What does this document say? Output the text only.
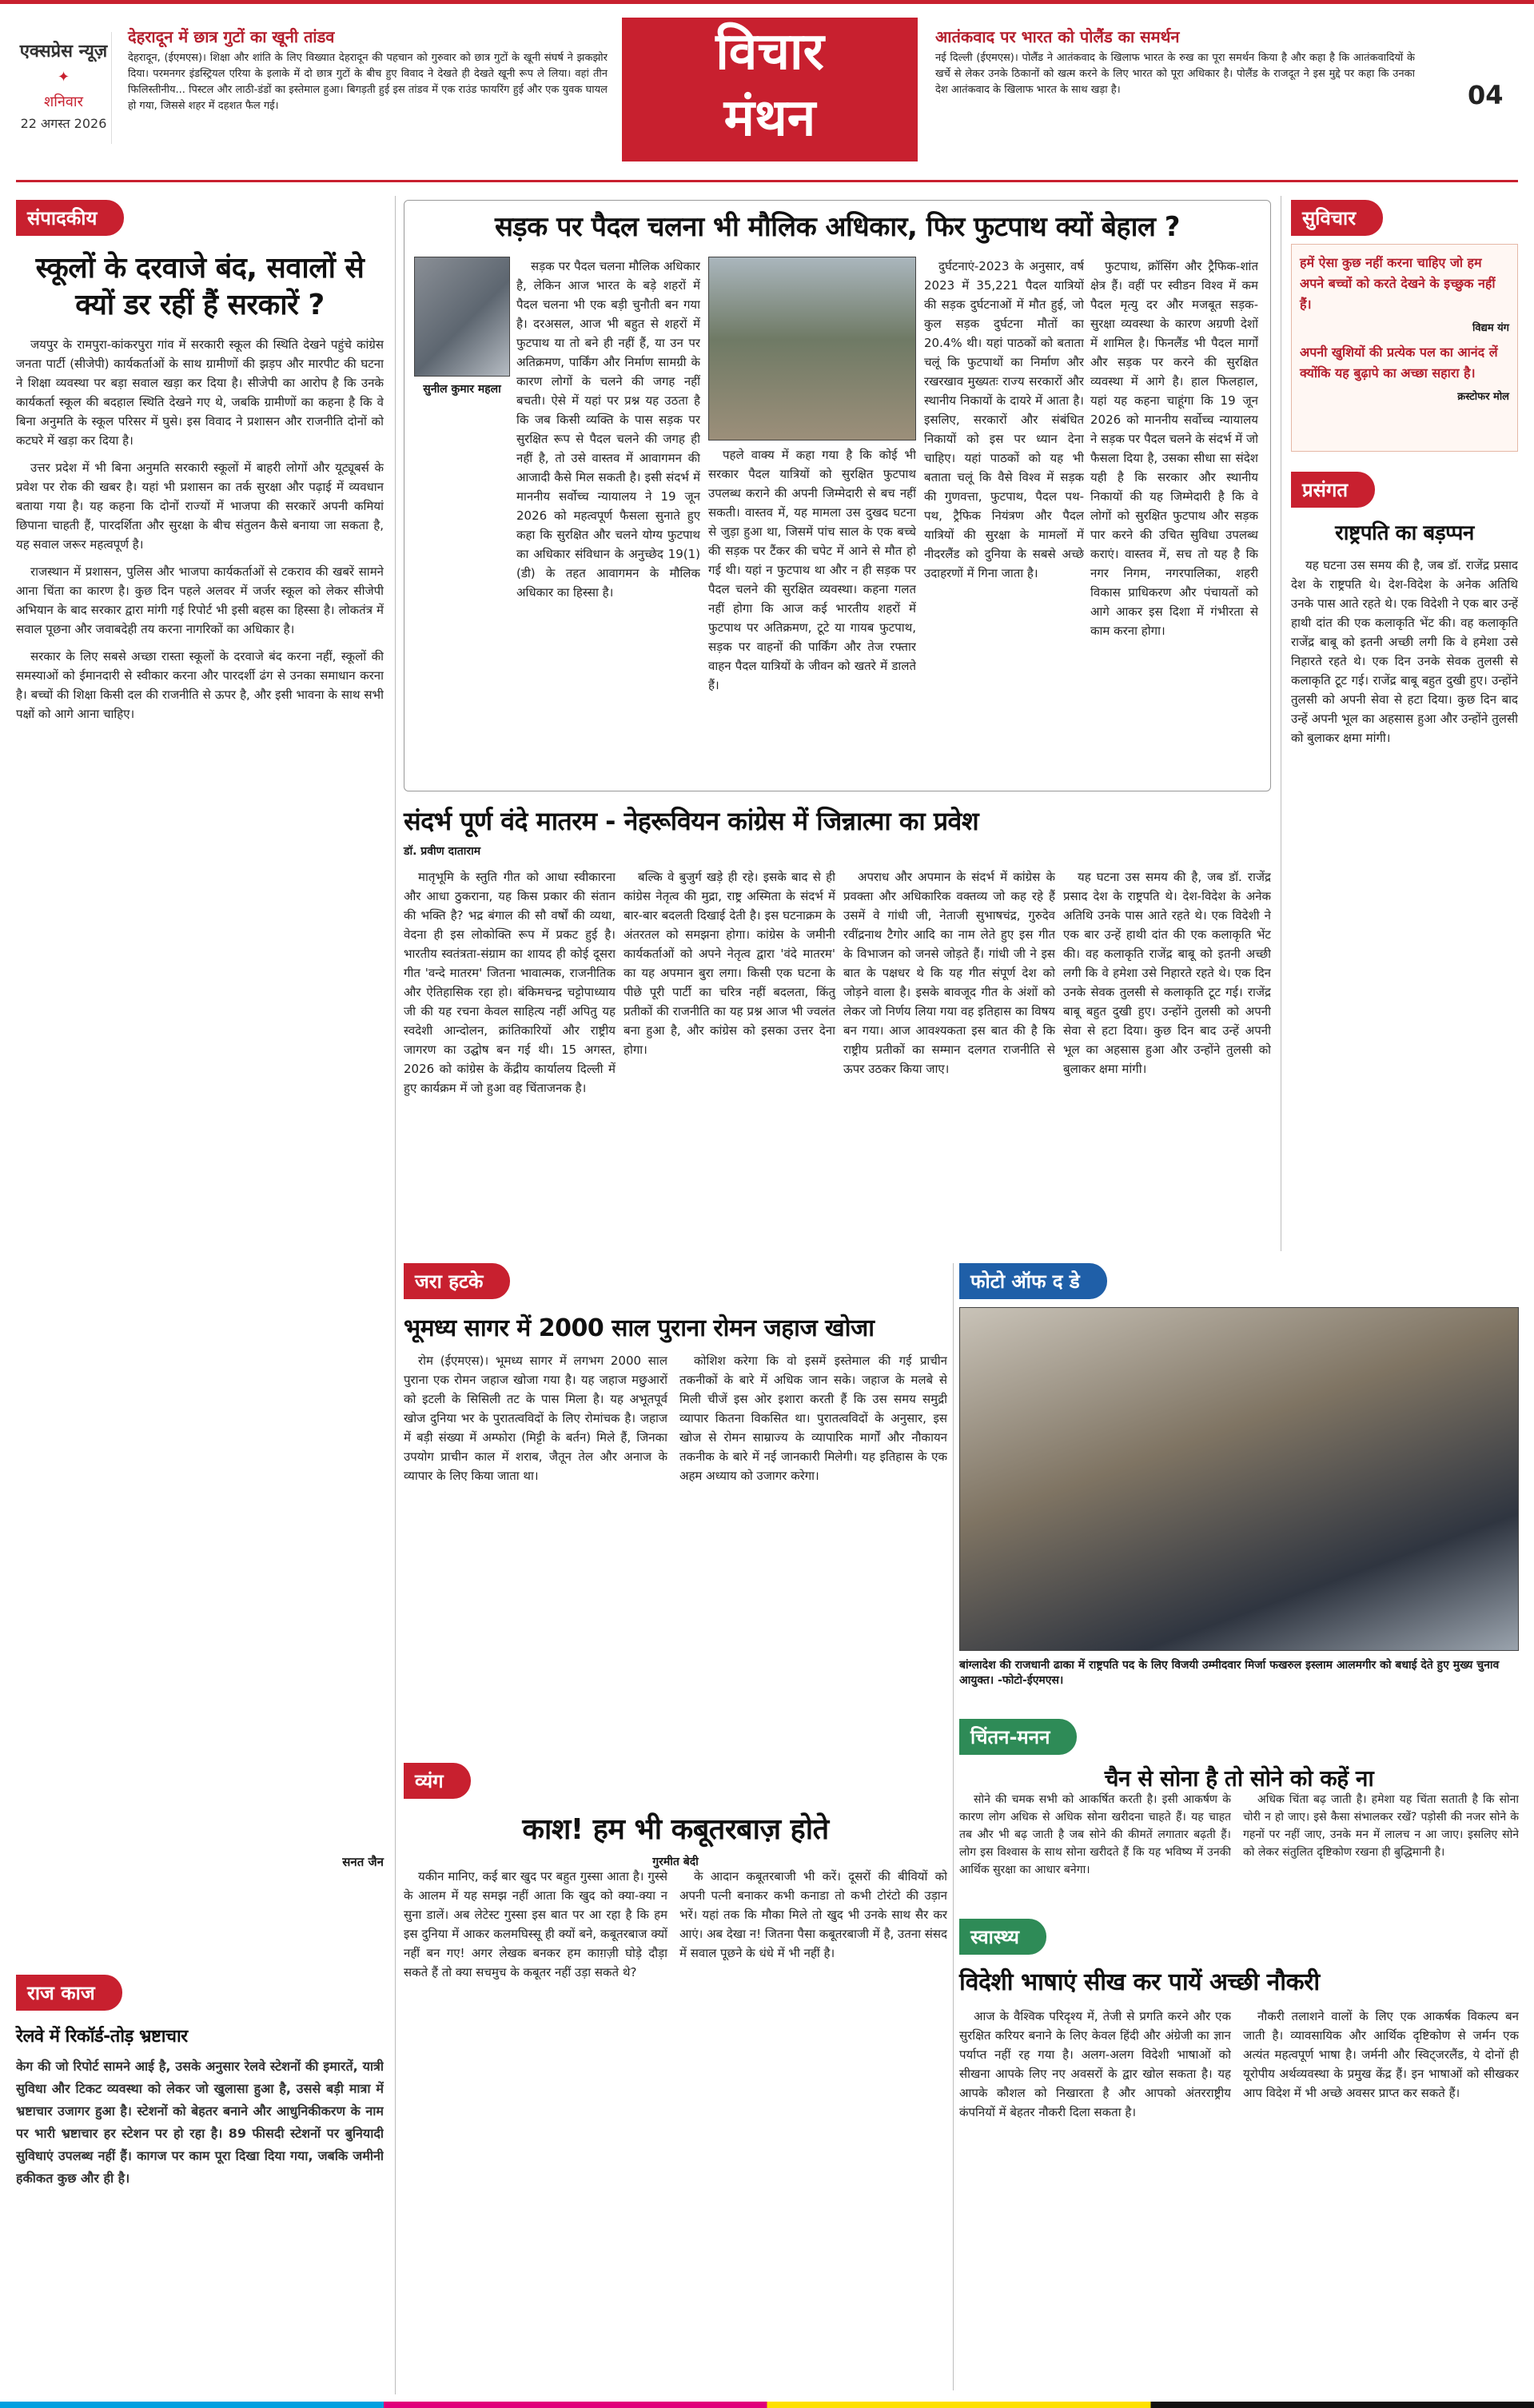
एक्सप्रेस न्यूज़
✦
शनिवार
22 अगस्त 2026
देहरादून में छात्र गुटों का खूनी तांडव
देहरादून, (ईएमएस)। शिक्षा और शांति के लिए विख्यात देहरादून की पहचान को गुरुवार को छात्र गुटों के खूनी संघर्ष ने झकझोर दिया। परमनगर इंडस्ट्रियल एरिया के इलाके में दो छात्र गुटों के बीच हुए विवाद ने देखते ही देखते खूनी रूप ले लिया। वहां तीन फिलिस्तीनीय... पिस्टल और लाठी-डंडों का इस्तेमाल हुआ। बिगड़ती हुई इस तांडव में एक राउंड फायरिंग हुई और एक युवक घायल हो गया, जिससे शहर में दहशत फैल गई।
विचार
मंथन
आतंकवाद पर भारत को पोलैंड का समर्थन
नई दिल्ली (ईएमएस)। पोलैंड ने आतंकवाद के खिलाफ भारत के रुख का पूरा समर्थन किया है और कहा है कि आतंकवादियों के खर्चे से लेकर उनके ठिकानों को खत्म करने के लिए भारत को पूरा अधिकार है। पोलैंड के राजदूत ने इस मुद्दे पर कहा कि उनका देश आतंकवाद के खिलाफ भारत के साथ खड़ा है।	04
संपादकीय
स्कूलों के दरवाजे बंद, सवालों से क्यों डर रहीं हैं सरकारें ?

जयपुर के रामपुरा-कांकरपुरा गांव में सरकारी स्कूल की स्थिति देखने पहुंचे कांग्रेस जनता पार्टी (सीजेपी) कार्यकर्ताओं के साथ ग्रामीणों की झड़प और मारपीट की घटना ने शिक्षा व्यवस्था पर बड़ा सवाल खड़ा कर दिया है। सीजेपी का आरोप है कि उनके कार्यकर्ता स्कूल की बदहाल स्थिति देखने गए थे, जबकि ग्रामीणों का कहना है कि वे बिना अनुमति के स्कूल परिसर में घुसे। इस विवाद ने प्रशासन और राजनीति दोनों को कटघरे में खड़ा कर दिया है।

उत्तर प्रदेश में भी बिना अनुमति सरकारी स्कूलों में बाहरी लोगों और यूट्यूबर्स के प्रवेश पर रोक की खबर है। यहां भी प्रशासन का तर्क सुरक्षा और पढ़ाई में व्यवधान बताया गया है। यह कहना कि दोनों राज्यों में भाजपा की सरकारें अपनी कमियां छिपाना चाहती हैं, पारदर्शिता और सुरक्षा के बीच संतुलन कैसे बनाया जा सकता है, यह सवाल जरूर महत्वपूर्ण है।

राजस्थान में प्रशासन, पुलिस और भाजपा कार्यकर्ताओं से टकराव की खबरें सामने आना चिंता का कारण है। कुछ दिन पहले अलवर में जर्जर स्कूल को लेकर सीजेपी अभियान के बाद सरकार द्वारा मांगी गई रिपोर्ट भी इसी बहस का हिस्सा है। लोकतंत्र में सवाल पूछना और जवाबदेही तय करना नागरिकों का अधिकार है।

सरकार के लिए सबसे अच्छा रास्ता स्कूलों के दरवाजे बंद करना नहीं, स्कूलों की समस्याओं को ईमानदारी से स्वीकार करना और पारदर्शी ढंग से उनका समाधान करना है। बच्चों की शिक्षा किसी दल की राजनीति से ऊपर है, और इसी भावना के साथ सभी पक्षों को आगे आना चाहिए।

सनत जैन
राज काज
रेलवे में रिकॉर्ड-तोड़ भ्रष्टाचार
केग की जो रिपोर्ट सामने आई है, उसके अनुसार रेलवे स्टेशनों की इमारतें, यात्री सुविधा और टिकट व्यवस्था को लेकर जो खुलासा हुआ है, उससे बड़ी मात्रा में भ्रष्टाचार उजागर हुआ है। स्टेशनों को बेहतर बनाने और आधुनिकीकरण के नाम पर भारी भ्रष्टाचार हर स्टेशन पर हो रहा है। 89 फीसदी स्टेशनों पर बुनियादी सुविधाएं उपलब्ध नहीं हैं। कागज पर काम पूरा दिखा दिया गया, जबकि जमीनी हकीकत कुछ और ही है।
सड़क पर पैदल चलना भी मौलिक अधिकार, फिर फुटपाथ क्यों बेहाल ?
सुनील कुमार महला

सड़क पर पैदल चलना मौलिक अधिकार है, लेकिन आज भारत के बड़े शहरों में पैदल चलना भी एक बड़ी चुनौती बन गया है। दरअसल, आज भी बहुत से शहरों में फुटपाथ या तो बने ही नहीं हैं, या उन पर अतिक्रमण, पार्किंग और निर्माण सामग्री के कारण लोगों के चलने की जगह नहीं बचती। ऐसे में यहां पर प्रश्न यह उठता है कि जब किसी व्यक्ति के पास सड़क पर सुरक्षित रूप से पैदल चलने की जगह ही नहीं है, तो उसे वास्तव में आवागमन की आजादी कैसे मिल सकती है। इसी संदर्भ में माननीय सर्वोच्च न्यायालय ने 19 जून 2026 को महत्वपूर्ण फैसला सुनाते हुए कहा कि सुरक्षित और चलने योग्य फुटपाथ का अधिकार संविधान के अनुच्छेद 19(1)(डी) के तहत आवागमन के मौलिक अधिकार का हिस्सा है।

पहले वाक्य में कहा गया है कि कोई भी सरकार पैदल यात्रियों को सुरक्षित फुटपाथ उपलब्ध कराने की अपनी जिम्मेदारी से बच नहीं सकती। वास्तव में, यह मामला उस दुखद घटना से जुड़ा हुआ था, जिसमें पांच साल के एक बच्चे की सड़क पर टैंकर की चपेट में आने से मौत हो गई थी। यहां न फुटपाथ था और न ही सड़क पर पैदल चलने की सुरक्षित व्यवस्था। कहना गलत नहीं होगा कि आज कई भारतीय शहरों में फुटपाथ पर अतिक्रमण, टूटे या गायब फुटपाथ, सड़क पर वाहनों की पार्किंग और तेज रफ्तार वाहन पैदल यात्रियों के जीवन को खतरे में डालते हैं।

दुर्घटनाएं-2023 के अनुसार, वर्ष 2023 में 35,221 पैदल यात्रियों की सड़क दुर्घटनाओं में मौत हुई, जो कुल सड़क दुर्घटना मौतों का 20.4% थी। यहां पाठकों को बताता चलूं कि फुटपाथों का निर्माण और रखरखाव मुख्यतः राज्य सरकारों और स्थानीय निकायों के दायरे में आता है। इसलिए, सरकारों और संबंधित निकायों को इस पर ध्यान देना चाहिए। यहां पाठकों को यह भी बताता चलूं कि वैसे विश्व में सड़क की गुणवत्ता, फुटपाथ, पैदल पथ-पथ, ट्रैफिक नियंत्रण और पैदल यात्रियों की सुरक्षा के मामलों में नीदरलैंड को दुनिया के सबसे अच्छे उदाहरणों में गिना जाता है।

फुटपाथ, क्रॉसिंग और ट्रैफिक-शांत क्षेत्र हैं। वहीं पर स्वीडन विश्व में कम पैदल मृत्यु दर और मजबूत सड़क-सुरक्षा व्यवस्था के कारण अग्रणी देशों में शामिल है। फिनलैंड भी पैदल मार्गों और सड़क पर करने की सुरक्षित व्यवस्था में आगे है। हाल फिलहाल, यहां यह कहना चाहूंगा कि 19 जून 2026 को माननीय सर्वोच्च न्यायालय ने सड़क पर पैदल चलने के संदर्भ में जो फैसला दिया है, उसका सीधा सा संदेश यही है कि सरकार और स्थानीय निकायों की यह जिम्मेदारी है कि वे लोगों को सुरक्षित फुटपाथ और सड़क पार करने की उचित सुविधा उपलब्ध कराएं। वास्तव में, सच तो यह है कि नगर निगम, नगरपालिका, शहरी विकास प्राधिकरण और पंचायतों को आगे आकर इस दिशा में गंभीरता से काम करना होगा।

संदर्भ पूर्ण वंदे मातरम - नेहरूवियन कांग्रेस में जिन्नात्मा का प्रवेश
डॉ. प्रवीण दाताराम

मातृभूमि के स्तुति गीत को आधा स्वीकारना और आधा ठुकराना, यह किस प्रकार की संतान की भक्ति है? भद्र बंगाल की सौ वर्षों की व्यथा, वेदना ही इस लोकोक्ति रूप में प्रकट हुई है। भारतीय स्वतंत्रता-संग्राम का शायद ही कोई दूसरा गीत 'वन्दे मातरम' जितना भावात्मक, राजनीतिक और ऐतिहासिक रहा हो। बंकिमचन्द्र चट्टोपाध्याय जी की यह रचना केवल साहित्य नहीं अपितु यह स्वदेशी आन्दोलन, क्रांतिकारियों और राष्ट्रीय जागरण का उद्घोष बन गई थी। 15 अगस्त, 2026 को कांग्रेस के केंद्रीय कार्यालय दिल्ली में हुए कार्यक्रम में जो हुआ वह चिंताजनक है।

बल्कि वे बुजुर्ग खड़े ही रहे। इसके बाद से ही कांग्रेस नेतृत्व की मुद्रा, राष्ट्र अस्मिता के संदर्भ में बार-बार बदलती दिखाई देती है। इस घटनाक्रम के अंतरतल को समझना होगा। कांग्रेस के जमीनी कार्यकर्ताओं को अपने नेतृत्व द्वारा 'वंदे मातरम' का यह अपमान बुरा लगा। किसी एक घटना के पीछे पूरी पार्टी का चरित्र नहीं बदलता, किंतु प्रतीकों की राजनीति का यह प्रश्न आज भी ज्वलंत बना हुआ है, और कांग्रेस को इसका उत्तर देना होगा।

अपराध और अपमान के संदर्भ में कांग्रेस के प्रवक्ता और अधिकारिक वक्तव्य जो कह रहे हैं उसमें वे गांधी जी, नेताजी सुभाषचंद्र, गुरुदेव रवींद्रनाथ टैगोर आदि का नाम लेते हुए इस गीत के विभाजन को जनसे जोड़ते हैं। गांधी जी ने इस बात के पक्षधर थे कि यह गीत संपूर्ण देश को जोड़ने वाला है। इसके बावजूद गीत के अंशों को लेकर जो निर्णय लिया गया वह इतिहास का विषय बन गया। आज आवश्यकता इस बात की है कि राष्ट्रीय प्रतीकों का सम्मान दलगत राजनीति से ऊपर उठकर किया जाए।

यह घटना उस समय की है, जब डॉ. राजेंद्र प्रसाद देश के राष्ट्रपति थे। देश-विदेश के अनेक अतिथि उनके पास आते रहते थे। एक विदेशी ने एक बार उन्हें हाथी दांत की एक कलाकृति भेंट की। वह कलाकृति राजेंद्र बाबू को इतनी अच्छी लगी कि वे हमेशा उसे निहारते रहते थे। एक दिन उनके सेवक तुलसी से कलाकृति टूट गई। राजेंद्र बाबू बहुत दुखी हुए। उन्होंने तुलसी को अपनी सेवा से हटा दिया। कुछ दिन बाद उन्हें अपनी भूल का अहसास हुआ और उन्होंने तुलसी को बुलाकर क्षमा मांगी।

जरा हटके
भूमध्य सागर में 2000 साल पुराना रोमन जहाज खोजा

रोम (ईएमएस)। भूमध्य सागर में लगभग 2000 साल पुराना एक रोमन जहाज खोजा गया है। यह जहाज मछुआरों को इटली के सिसिली तट के पास मिला है। यह अभूतपूर्व खोज दुनिया भर के पुरातत्वविदों के लिए रोमांचक है। जहाज में बड़ी संख्या में अम्फोरा (मिट्टी के बर्तन) मिले हैं, जिनका उपयोग प्राचीन काल में शराब, जैतून तेल और अनाज के व्यापार के लिए किया जाता था।

कोशिश करेगा कि वो इसमें इस्तेमाल की गई प्राचीन तकनीकों के बारे में अधिक जान सके। जहाज के मलबे से मिली चीजें इस ओर इशारा करती हैं कि उस समय समुद्री व्यापार कितना विकसित था। पुरातत्वविदों के अनुसार, इस खोज से रोमन साम्राज्य के व्यापारिक मार्गों और नौकायन तकनीक के बारे में नई जानकारी मिलेगी। यह इतिहास के एक अहम अध्याय को उजागर करेगा।

फोटो ऑफ द डे
बांग्लादेश की राजधानी ढाका में राष्ट्रपति पद के लिए विजयी उम्मीदवार मिर्जा फखरुल इस्लाम आलमगीर को बधाई देते हुए मुख्य चुनाव आयुक्त। -फोटो-ईएमएस।
चिंतन-मनन
चैन से सोना है तो सोने को कहें ना

सोने की चमक सभी को आकर्षित करती है। इसी आकर्षण के कारण लोग अधिक से अधिक सोना खरीदना चाहते हैं। यह चाहत तब और भी बढ़ जाती है जब सोने की कीमतें लगातार बढ़ती हैं। लोग इस विश्वास के साथ सोना खरीदते हैं कि यह भविष्य में उनकी आर्थिक सुरक्षा का आधार बनेगा।

अधिक चिंता बढ़ जाती है। हमेशा यह चिंता सताती है कि सोना चोरी न हो जाए। इसे कैसा संभालकर रखें? पड़ोसी की नजर सोने के गहनों पर नहीं जाए, उनके मन में लालच न आ जाए। इसलिए सोने को लेकर संतुलित दृष्टिकोण रखना ही बुद्धिमानी है।

व्यंग
काश! हम भी कबूतरबाज़ होते
गुरमीत बेदी

यकीन मानिए, कई बार खुद पर बहुत गुस्सा आता है। गुस्से के आलम में यह समझ नहीं आता कि खुद को क्या-क्या न सुना डालें। अब लेटेस्ट गुस्सा इस बात पर आ रहा है कि हम इस दुनिया में आकर कलमघिस्सू ही क्यों बने, कबूतरबाज क्यों नहीं बन गए! अगर लेखक बनकर हम काग़ज़ी घोड़े दौड़ा सकते हैं तो क्या सचमुच के कबूतर नहीं उड़ा सकते थे?

के आदान कबूतरबाजी भी करें। दूसरों की बीवियों को अपनी पत्नी बनाकर कभी कनाडा तो कभी टोरंटो की उड़ान भरें। यहां तक कि मौका मिले तो खुद भी उनके साथ सैर कर आएं। अब देखा न! जितना पैसा कबूतरबाजी में है, उतना संसद में सवाल पूछने के धंधे में भी नहीं है।

स्वास्थ्य
विदेशी भाषाएं सीख कर पायें अच्छी नौकरी

आज के वैश्विक परिदृश्य में, तेजी से प्रगति करने और एक सुरक्षित करियर बनाने के लिए केवल हिंदी और अंग्रेजी का ज्ञान पर्याप्त नहीं रह गया है। अलग-अलग विदेशी भाषाओं को सीखना आपके लिए नए अवसरों के द्वार खोल सकता है। यह आपके कौशल को निखारता है और आपको अंतरराष्ट्रीय कंपनियों में बेहतर नौकरी दिला सकता है।

नौकरी तलाशने वालों के लिए एक आकर्षक विकल्प बन जाती है। व्यावसायिक और आर्थिक दृष्टिकोण से जर्मन एक अत्यंत महत्वपूर्ण भाषा है। जर्मनी और स्विट्जरलैंड, ये दोनों ही यूरोपीय अर्थव्यवस्था के प्रमुख केंद्र हैं। इन भाषाओं को सीखकर आप विदेश में भी अच्छे अवसर प्राप्त कर सकते हैं।

सुविचार
हमें ऐसा कुछ नहीं करना चाहिए जो हम अपने बच्चों को करते देखने के इच्छुक नहीं हैं।
विद्यम यंग
अपनी खुशियों की प्रत्येक पल का आनंद लें क्योंकि यह बुढ़ापे का अच्छा सहारा है।
क्रस्टोफर मोल
प्रसंगत
राष्ट्रपति का बड़प्पन

यह घटना उस समय की है, जब डॉ. राजेंद्र प्रसाद देश के राष्ट्रपति थे। देश-विदेश के अनेक अतिथि उनके पास आते रहते थे। एक विदेशी ने एक बार उन्हें हाथी दांत की एक कलाकृति भेंट की। वह कलाकृति राजेंद्र बाबू को इतनी अच्छी लगी कि वे हमेशा उसे निहारते रहते थे। एक दिन उनके सेवक तुलसी से कलाकृति टूट गई। राजेंद्र बाबू बहुत दुखी हुए। उन्होंने तुलसी को अपनी सेवा से हटा दिया। कुछ दिन बाद उन्हें अपनी भूल का अहसास हुआ और उन्होंने तुलसी को बुलाकर क्षमा मांगी।
